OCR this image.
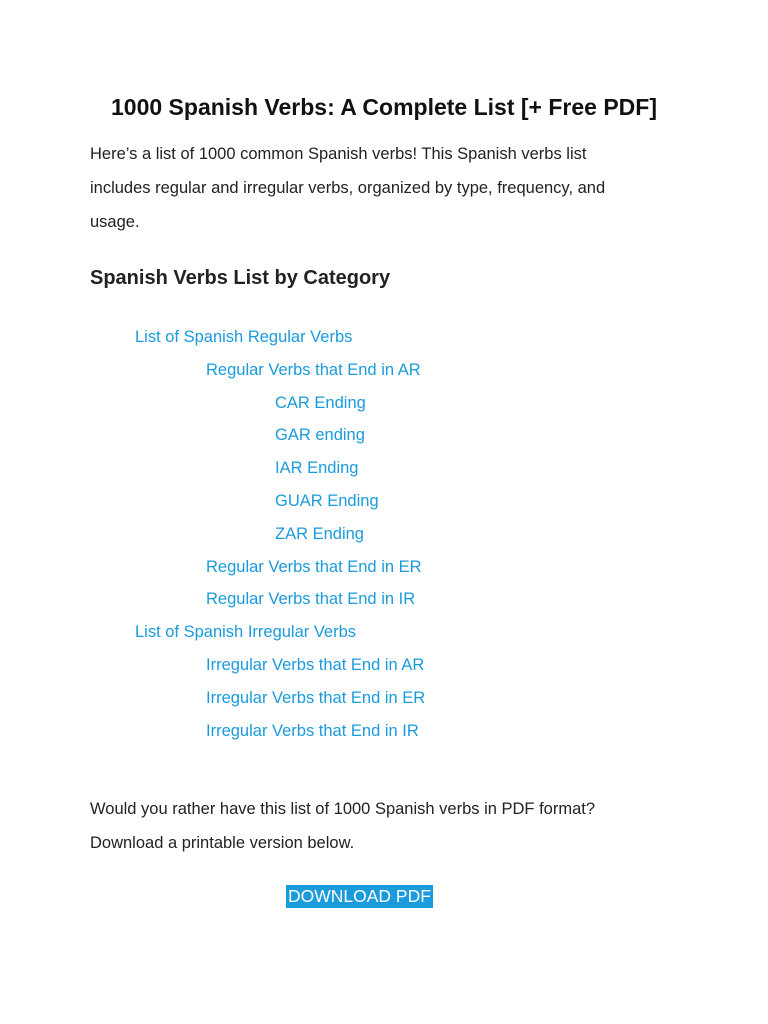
1000 Spanish Verbs: A Complete List [+ Free PDF]

Here’s a list of 1000 common Spanish verbs! This Spanish verbs list
includes regular and irregular verbs, organized by type, frequency, and
usage.

Spanish Verbs List by Category
List of Spanish Regular Verbs
Regular Verbs that End in AR
CAR Ending
GAR ending
IAR Ending
GUAR Ending
ZAR Ending
Regular Verbs that End in ER
Regular Verbs that End in IR
List of Spanish Irregular Verbs
Irregular Verbs that End in AR
Irregular Verbs that End in ER
Irregular Verbs that End in IR

Would you rather have this list of 1000 Spanish verbs in PDF format?
Download a printable version below.

DOWNLOAD PDF
